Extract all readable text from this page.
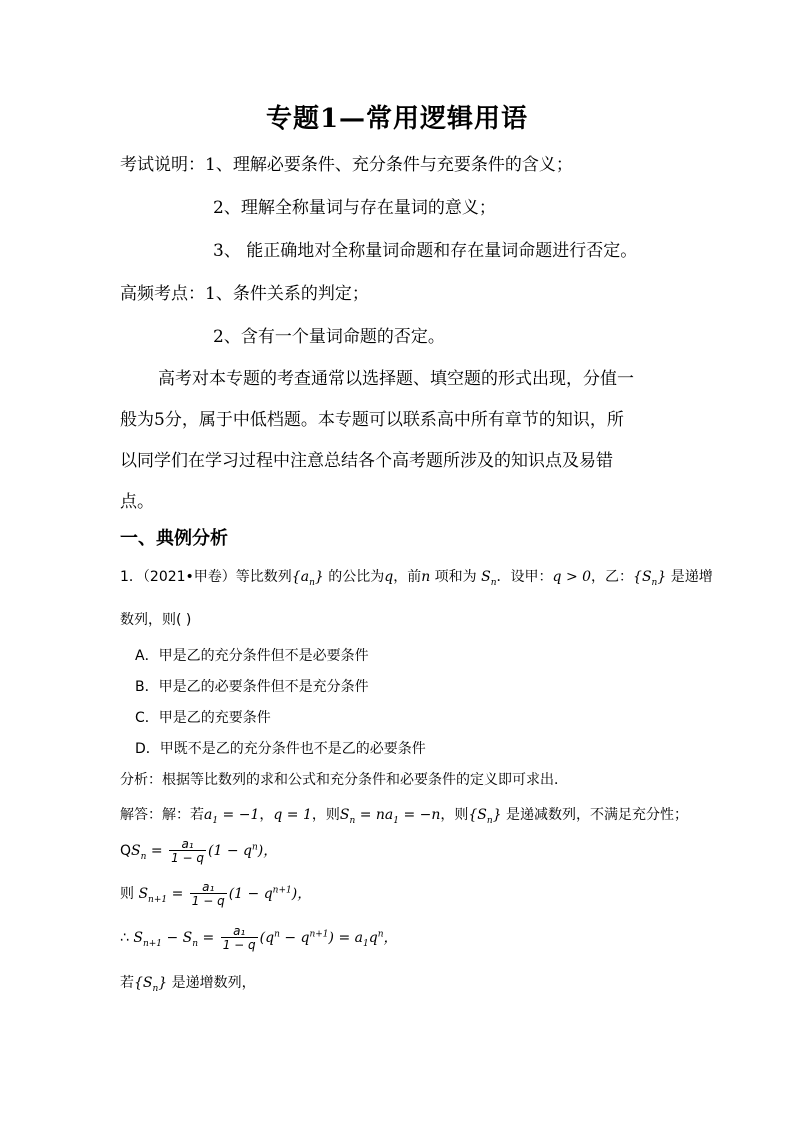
专题1—常用逻辑用语
考试说明：1、理解必要条件、充分条件与充要条件的含义；
2、理解全称量词与存在量词的意义；
3、 能正确地对全称量词命题和存在量词命题进行否定。
高频考点：1、条件关系的判定；
2、含有一个量词命题的否定。
高考对本专题的考查通常以选择题、填空题的形式出现，分值一
般为5分，属于中低档题。本专题可以联系高中所有章节的知识，所
以同学们在学习过程中注意总结各个高考题所涉及的知识点及易错
点。
一、典例分析
1．（2021•甲卷）等比数列$\{a_n\}$ 的公比为q，前n 项和为 $S_n$．设甲：q > 0，乙：$\{S_n\}$ 是递增
数列，则( )
A．甲是乙的充分条件但不是必要条件
B．甲是乙的必要条件但不是充分条件
C．甲是乙的充要条件
D．甲既不是乙的充分条件也不是乙的必要条件
分析：根据等比数列的求和公式和充分条件和必要条件的定义即可求出．
解答：解：若$a_1 = -1$，q = 1，则$S_n = na_1 = -n$，则$\{S_n\}$ 是递减数列，不满足充分性；
$QS_n = \frac{\text{a₁}}{1 - q} (1 - q^n)$，
则 $S_{n+1} = \frac{\text{a₁}}{1 - q} (1 - q^{n+1})$，
∴ $S_{n+1} - S_n = \frac{\text{a₁}}{1 - q} (q^n - q^{n+1}) = a_1q^n$，
若$\{S_n\}$ 是递增数列，
